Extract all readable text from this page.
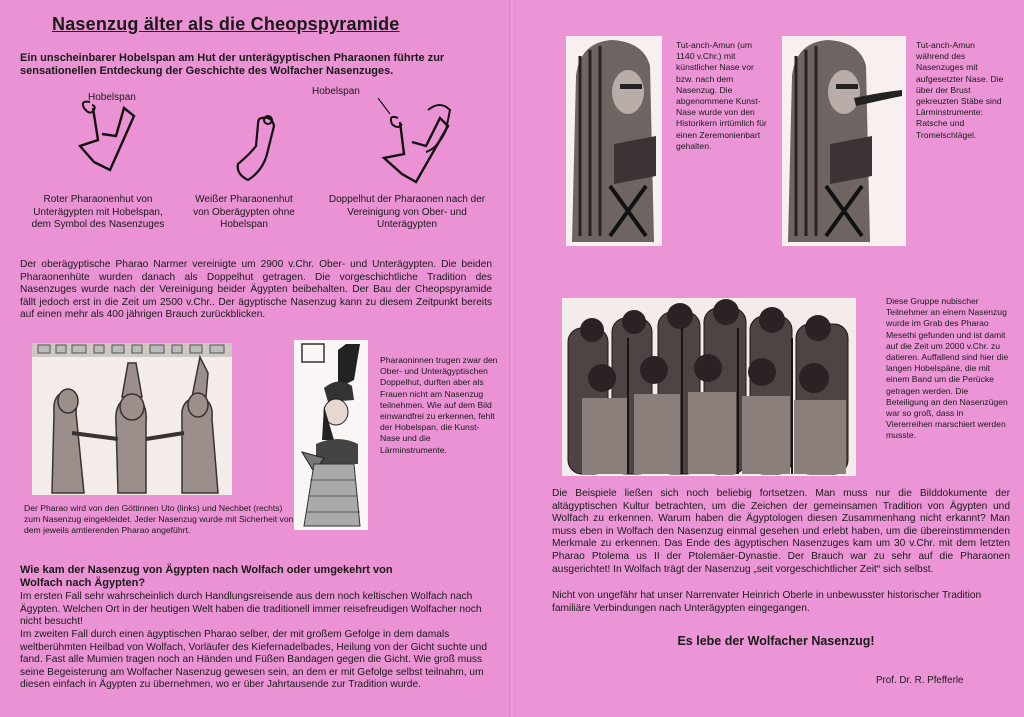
Nasenzug älter als die Cheopspyramide
Ein unscheinbarer Hobelspan am Hut der unterägyptischen Pharaonen führte zur sensationellen Entdeckung der Geschichte des Wolfacher Nasenzuges.
Hobelspan
Hobelspan
Roter Pharaonenhut von Unterägypten mit Hobelspan, dem Symbol des Nasenzuges
Weißer Pharaonenhut von Oberägypten ohne Hobelspan
Doppelhut der Pharaonen nach der Vereinigung von Ober- und Unterägypten
Der oberägyptische Pharao Narmer vereinigte um 2900 v.Chr. Ober- und Unterägypten. Die beiden Pharaonenhüte wurden danach als Doppelhut getragen. Die vorgeschichtliche Tradition des Nasenzuges wurde nach der Vereinigung beider Ägypten beibehalten. Der Bau der Cheopspyramide fällt jedoch erst in die Zeit um 2500 v.Chr.. Der ägyptische Nasenzug kann zu diesem Zeitpunkt bereits auf einen mehr als 400 jährigen Brauch zurückblicken.
Pharaoninnen trugen zwar den Ober- und Unterägyptischen Doppelhut, durften aber als Frauen nicht am Nasenzug teilnehmen. Wie auf dem Bild einwandfrei zu erkennen, fehlt der Hobelspan, die Kunst-Nase und die Lärminstrumente.
Der Pharao wird von den Göttinnen Uto (links) und Nechbet (rechts) zum Nasenzug eingekleidet. Jeder Nasenzug wurde mit Sicherheit von dem jeweils amtierenden Pharao angeführt.
Wie kam der Nasenzug von Ägypten nach Wolfach oder umgekehrt von Wolfach nach Ägypten?
Im ersten Fall sehr wahrscheinlich durch Handlungsreisende aus dem noch keltischen Wolfach nach Ägypten. Welchen Ort in der heutigen Welt haben die traditionell immer reisefreudigen Wolfacher noch nicht besucht!
Im zweiten Fall durch einen ägyptischen Pharao selber, der mit großem Gefolge in dem damals weltberühmten Heilbad von Wolfach, Vorläufer des Kiefernadelbades, Heilung von der Gicht suchte und fand. Fast alle Mumien tragen noch an Händen und Füßen Bandagen gegen die Gicht. Wie groß muss seine Begeisterung am Wolfacher Nasenzug gewesen sein, an dem er mit Gefolge selbst teilnahm, um diesen einfach in Ägypten zu übernehmen, wo er über Jahrtausende zur Tradition wurde.
Tut-anch-Amun (um 1140 v.Chr.) mit künstlicher Nase vor bzw. nach dem Nasenzug. Die abgenommene Kunst-Nase wurde von den Historikern irrtümlich für einen Zeremonienbart gehalten.
Tut-anch-Amun während des Nasenzuges mit aufgesetzter Nase. Die über der Brust gekreuzten Stäbe sind Lärminstrumente: Ratsche und Tromelschlägel.
Diese Gruppe nubischer Teilnehmer an einem Nasenzug wurde im Grab des Pharao Mesethi gefunden und ist damit auf die Zeit um 2000 v.Chr. zu datieren. Auffallend sind hier die langen Hobelspäne, die mit einem Band um die Perücke getragen werden. Die Beteiligung an den Nasenzügen war so groß, dass in Viererreihen marschiert werden musste.
Die Beispiele ließen sich noch beliebig fortsetzen. Man muss nur die Bilddokumente der altägyptischen Kultur betrachten, um die Zeichen der gemeinsamen Tradition von Ägypten und Wolfach zu erkennen. Warum haben die Ägyptologen diesen Zusammenhang nicht erkannt? Man muss eben in Wolfach den Nasenzug einmal gesehen und erlebt haben, um die übereinstimmenden Merkmale zu erkennen. Das Ende des ägyptischen Nasenzuges kam um 30 v.Chr. mit dem letzten Pharao Ptolema us II der Ptolemäer-Dynastie. Der Brauch war zu sehr auf die Pharaonen ausgerichtet! In Wolfach trägt der Nasenzug „seit vorgeschichtlicher Zeit“ sich selbst.
Nicht von ungefähr hat unser Narrenvater Heinrich Oberle in unbewusster historischer Tradition familiäre Verbindungen nach Unterägypten eingegangen.
Es lebe der Wolfacher Nasenzug!
Prof. Dr. R. Pfefferle
